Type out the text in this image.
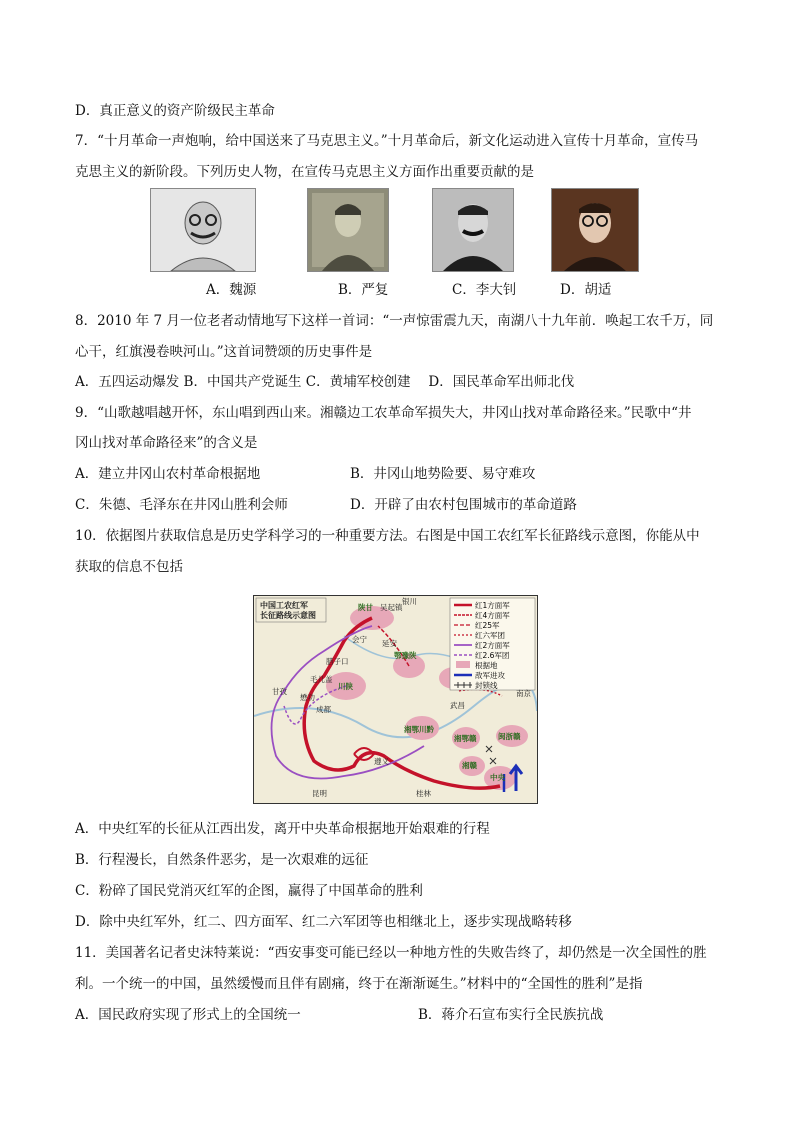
D．真正意义的资产阶级民主革命
7．“十月革命一声炮响，给中国送来了马克思主义。”十月革命后，新文化运动进入宣传十月革命，宣传马
克思主义的新阶段。下列历史人物，在宣传马克思主义方面作出重要贡献的是
A．魏源	B．严复	C．李大钊	D．胡适
8．2010 年 7 月一位老者动情地写下这样一首词：“一声惊雷震九天，南湖八十九年前．唤起工农千万，同
心干，红旗漫卷映河山。”这首词赞颂的历史事件是
A．五四运动爆发 B．中国共产党诞生 C．黄埔军校创建　 D．国民革命军出师北伐
9．“山歌越唱越开怀，东山唱到西山来。湘赣边工农革命军损失大，井冈山找对革命路径来。”民歌中“井
冈山找对革命路径来”的含义是
A．建立井冈山农村革命根据地	B．井冈山地势险要、易守难攻
C．朱德、毛泽东在井冈山胜利会师	D．开辟了由农村包围城市的革命道路
10．依据图片获取信息是历史学科学习的一种重要方法。右图是中国工农红军长征路线示意图，你能从中
获取的信息不包括
中国工农红军
长征路线示意图
红1方面军
红4方面军
红25军
红六军团
红2方面军
红2.6军团
根据地
敌军进攻
封锁线
陕甘 吴起镇
银川
会宁
腊子口
延安
鄂豫陕
川陕
毛儿盖
懋功
成都
甘孜
武昌
湘鄂川黔
湘鄂赣	闽浙赣
湘赣
中央
遵义
昆明	桂林
南京
A．中央红军的长征从江西出发，离开中央革命根据地开始艰难的行程
B．行程漫长，自然条件恶劣，是一次艰难的远征
C．粉碎了国民党消灭红军的企图，赢得了中国革命的胜利
D．除中央红军外，红二、四方面军、红二六军团等也相继北上，逐步实现战略转移
11．美国著名记者史沫特莱说：“西安事变可能已经以一种地方性的失败告终了，却仍然是一次全国性的胜
利。一个统一的中国，虽然缓慢而且伴有剧痛，终于在渐渐诞生。”材料中的“全国性的胜利”是指
A．国民政府实现了形式上的全国统一	B．蒋介石宣布实行全民族抗战
